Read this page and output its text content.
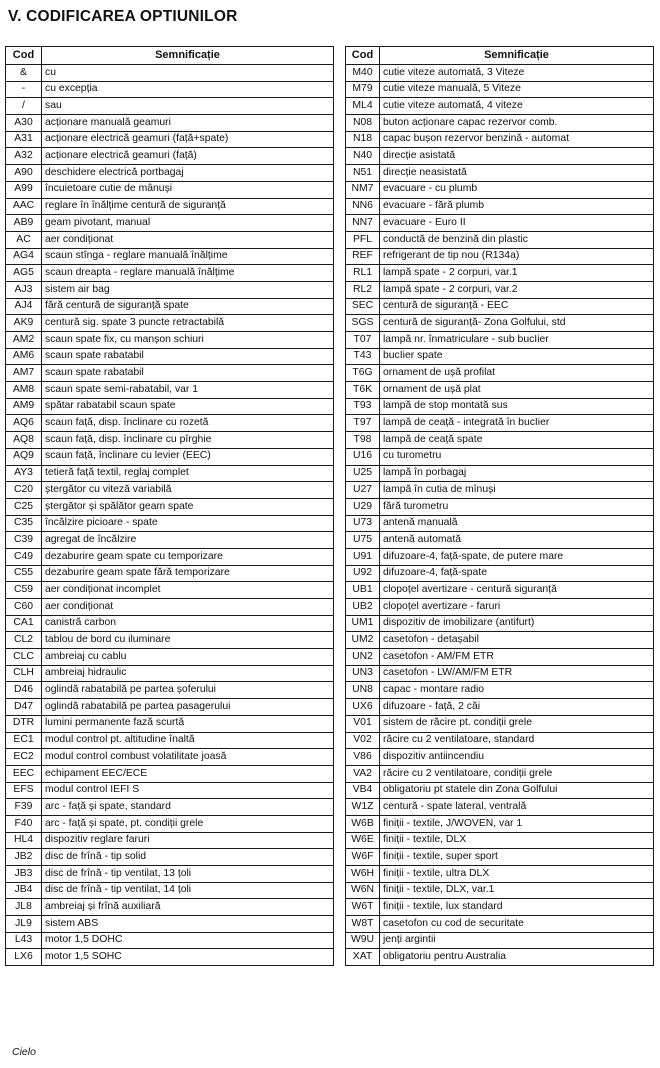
V. CODIFICAREA OPTIUNILOR
Cod	Semnificație
&	cu
-	cu excepția
/	sau
A30	acționare manuală geamuri
A31	acționare electrică geamuri (față+spate)
A32	acționare electrică geamuri (față)
A90	deschidere electrică portbagaj
A99	încuietoare cutie de mânuși
AAC	reglare în înălțime centură de siguranță
AB9	geam pivotant, manual
AC	aer condiționat
AG4	scaun stînga - reglare manuală înălțime
AG5	scaun dreapta - reglare manuală înălțime
AJ3	sistem air bag
AJ4	fără centură de siguranță spate
AK9	centură sig. spate 3 puncte retractabilă
AM2	scaun spate fix, cu manșon schiuri
AM6	scaun spate rabatabil
AM7	scaun spate rabatabil
AM8	scaun spate semi-rabatabil, var 1
AM9	spătar rabatabil scaun spate
AQ6	scaun față, disp. înclinare cu rozetă
AQ8	scaun față, disp. înclinare cu pîrghie
AQ9	scaun față, înclinare cu levier (EEC)
AY3	tetieră față textil, reglaj complet
C20	ștergător cu viteză variabilă
C25	ștergător și spălător geam spate
C35	încălzire picioare - spate
C39	agregat de încălzire
C49	dezaburire geam spate cu temporizare
C55	dezaburire geam spate fără temporizare
C59	aer condiționat incomplet
C60	aer condiționat
CA1	canistră carbon
CL2	tablou de bord cu iluminare
CLC	ambreiaj cu cablu
CLH	ambreiaj hidraulic
D46	oglindă rabatabilă pe partea șoferului
D47	oglindă rabatabilă pe partea pasagerului
DTR	lumini permanente fază scurtă
EC1	modul control pt. altitudine înaltă
EC2	modul control combust volatilitate joasă
EEC	echipament EEC/ECE
EFS	modul control IEFI S
F39	arc - față și spate, standard
F40	arc - față și spate, pt. condiții grele
HL4	dispozitiv reglare faruri
JB2	disc de frînă - tip solid
JB3	disc de frînă - tip ventilat, 13 țoli
JB4	disc de frînă - tip ventilat, 14 țoli
JL8	ambreiaj și frînă auxiliară
JL9	sistem ABS
L43	motor 1,5 DOHC
LX6	motor 1,5 SOHC
Cod	Semnificație
M40	cutie viteze automată, 3 Viteze
M79	cutie viteze manuală, 5 Viteze
ML4	cutie viteze automată, 4 viteze
N08	buton acționare capac rezervor comb.
N18	capac bușon rezervor benzină - automat
N40	direcție asistată
N51	direcție neasistată
NM7	evacuare - cu plumb
NN6	evacuare - fără plumb
NN7	evacuare - Euro II
PFL	conductă de benzină din plastic
REF	refrigerant de tip nou (R134a)
RL1	lampă spate - 2 corpuri, var.1
RL2	lampă spate - 2 corpuri, var.2
SEC	centură de siguranță - EEC
SGS	centură de siguranță- Zona Golfului, std
T07	lampă nr. înmatriculare - sub bucIier
T43	bucIier spate
T6G	ornament de ușă profilat
T6K	ornament de ușă plat
T93	lampă de stop montată sus
T97	lampă de ceață - integrată în bucIier
T98	lampă de ceață spate
U16	cu turometru
U25	lampă în porbagaj
U27	lampă în cutia de mînuși
U29	fără turometru
U73	antenă manuală
U75	antenă automată
U91	difuzoare-4, față-spate, de putere mare
U92	difuzoare-4, față-spate
UB1	clopoțel avertizare - centură siguranță
UB2	clopoțel avertizare - faruri
UM1	dispozitiv de imobilizare (antifurt)
UM2	casetofon - detașabil
UN2	casetofon - AM/FM ETR
UN3	casetofon - LW/AM/FM ETR
UN8	capac - montare radio
UX6	difuzoare - față, 2 căi
V01	sistem de răcire pt. condiții grele
V02	răcire cu 2 ventilatoare, standard
V86	dispozitiv antiincendiu
VA2	răcire cu 2 ventilatoare, condiții grele
VB4	obligatoriu pt statele din Zona Golfului
W1Z	centură - spate lateral, ventrală
W6B	finiții - textile, J/WOVEN, var 1
W6E	finiții - textile, DLX
W6F	finiții - textile, super sport
W6H	finiții - textile, ultra DLX
W6N	finiții - textile, DLX, var.1
W6T	finiții - textile, lux standard
W8T	casetofon cu cod de securitate
W9U	jenți argintii
XAT	obligatoriu pentru Australia
Cielo
